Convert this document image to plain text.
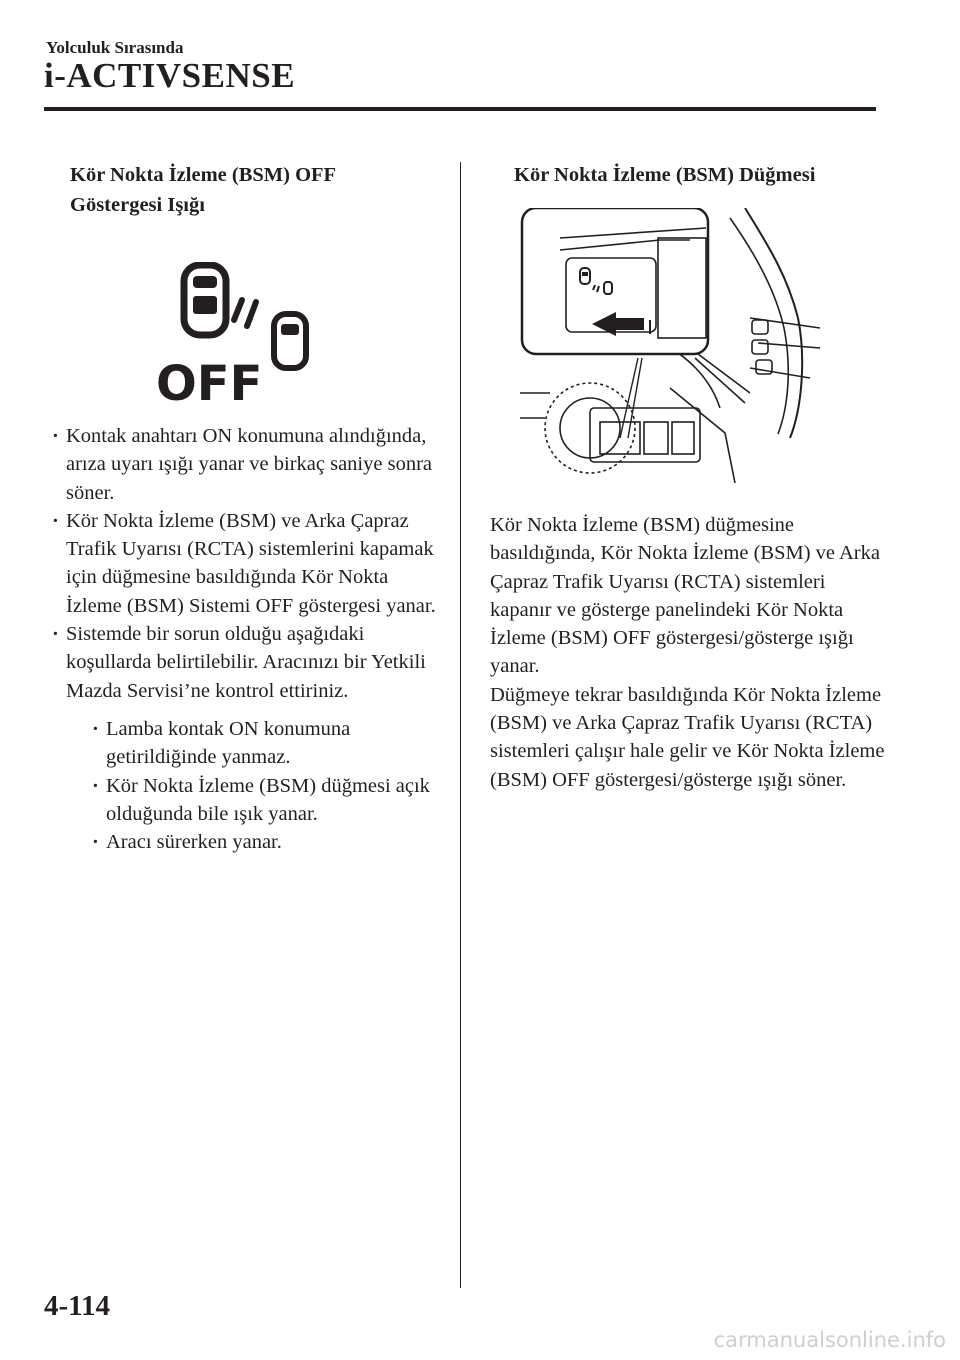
Yolculuk Sırasında
i-ACTIVSENSE
Kör Nokta İzleme (BSM) OFF
Göstergesi Işığı
OFF
· Kontak anahtarı ON konumuna alındığında, arıza uyarı ışığı yanar ve birkaç saniye sonra söner.
· Kör Nokta İzleme (BSM) ve Arka Çapraz Trafik Uyarısı (RCTA) sistemlerini kapamak için düğmesine basıldığında Kör Nokta İzleme (BSM) Sistemi OFF göstergesi yanar.
· Sistemde bir sorun olduğu aşağıdaki koşullarda belirtilebilir. Aracınızı bir Yetkili Mazda Servisi’ne kontrol ettiriniz.
· Lamba kontak ON konumuna getirildiğinde yanmaz.
· Kör Nokta İzleme (BSM) düğmesi açık olduğunda bile ışık yanar.
· Aracı sürerken yanar.
Kör Nokta İzleme (BSM) Düğmesi

Kör Nokta İzleme (BSM) düğmesine basıldığında, Kör Nokta İzleme (BSM) ve Arka Çapraz Trafik Uyarısı (RCTA) sistemleri kapanır ve gösterge panelindeki Kör Nokta İzleme (BSM) OFF göstergesi/gösterge ışığı yanar.

Düğmeye tekrar basıldığında Kör Nokta İzleme (BSM) ve Arka Çapraz Trafik Uyarısı (RCTA) sistemleri çalışır hale gelir ve Kör Nokta İzleme (BSM) OFF göstergesi/gösterge ışığı söner.

4-114
carmanualsonline.info
